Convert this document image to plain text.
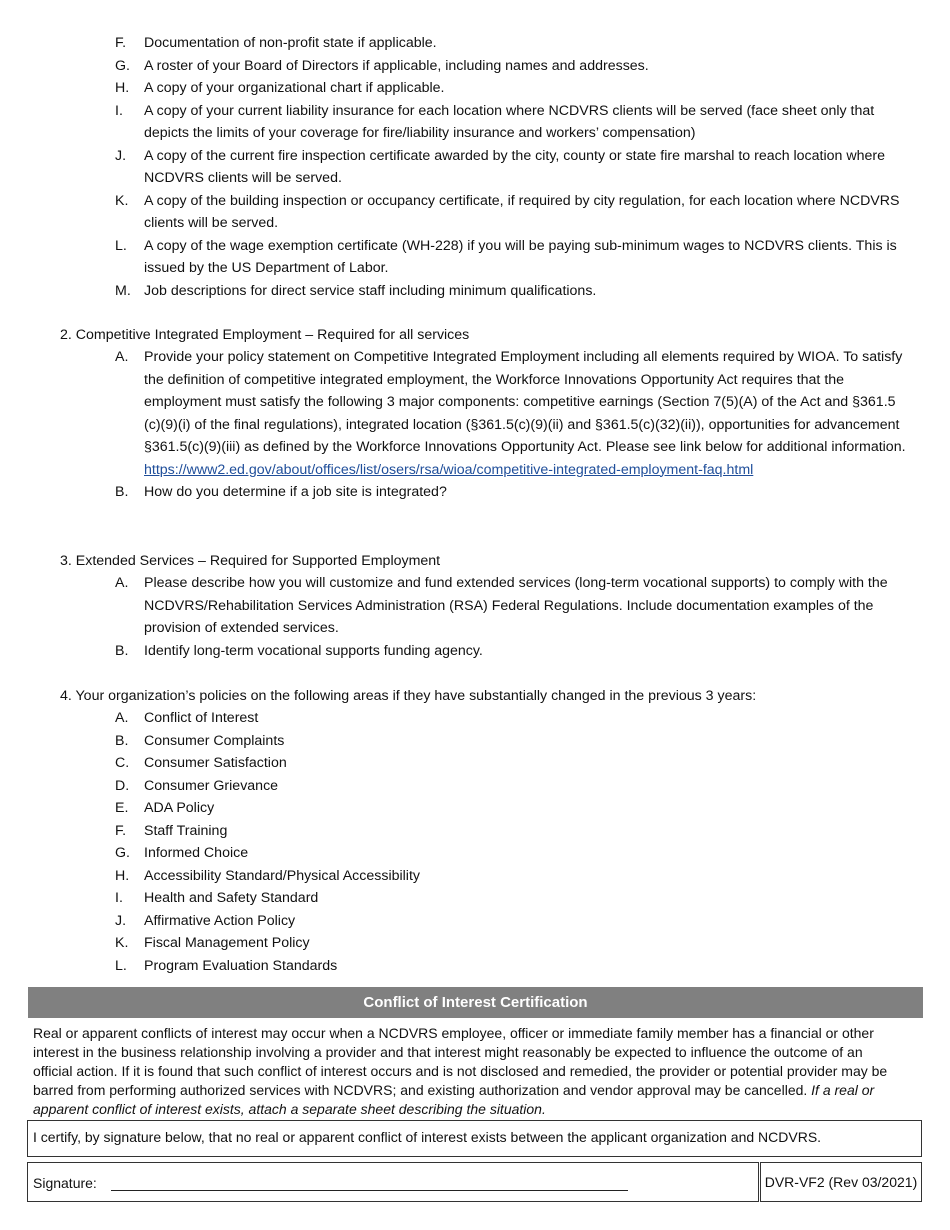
F.	Documentation of non-profit state if applicable.
G. A roster of your Board of Directors if applicable, including names and addresses.
H.	A copy of your organizational chart if applicable.
I.	A copy of your current liability insurance for each location where NCDVRS clients will be served (face sheet only that depicts the limits of your coverage for fire/liability insurance and workers’ compensation)
J.	A copy of the current fire inspection certificate awarded by the city, county or state fire marshal to reach location where NCDVRS clients will be served.
K.	A copy of the building inspection or occupancy certificate, if required by city regulation, for each location where NCDVRS clients will be served.
L.	A copy of the wage exemption certificate (WH-228) if you will be paying sub-minimum wages to NCDVRS clients. This is issued by the US Department of Labor.
M. Job descriptions for direct service staff including minimum qualifications.
2. Competitive Integrated Employment – Required for all services
A.	Provide your policy statement on Competitive Integrated Employment including all elements required by WIOA. To satisfy the definition of competitive integrated employment, the Workforce Innovations Opportunity Act requires that the employment must satisfy the following 3 major components: competitive earnings (Section 7(5)(A) of the Act and §361.5 (c)(9)(i) of the final regulations), integrated location (§361.5(c)(9)(ii) and §361.5(c)(32)(ii)), opportunities for advancement §361.5(c)(9)(iii) as defined by the Workforce Innovations Opportunity Act. Please see link below for additional information.
https://www2.ed.gov/about/offices/list/osers/rsa/wioa/competitive-integrated-employment-faq.html
B.	How do you determine if a job site is integrated?
3. Extended Services – Required for Supported Employment
A.	Please describe how you will customize and fund extended services (long-term vocational supports) to comply with the NCDVRS/Rehabilitation Services Administration (RSA) Federal Regulations. Include documentation examples of the provision of extended services.
B.	Identify long-term vocational supports funding agency.
4. Your organization’s policies on the following areas if they have substantially changed in the previous 3 years:
A.	Conflict of Interest
B.	Consumer Complaints
C.	Consumer Satisfaction
D.	Consumer Grievance
E.	ADA Policy
F.	Staff Training
G. Informed Choice
H.	Accessibility Standard/Physical Accessibility
I.	Health and Safety Standard
J.	Affirmative Action Policy
K.	Fiscal Management Policy
L.	Program Evaluation Standards
Conflict of Interest Certification
Real or apparent conflicts of interest may occur when a NCDVRS employee, officer or immediate family member has a financial or other interest in the business relationship involving a provider and that interest might reasonably be expected to influence the outcome of an official action. If it is found that such conflict of interest occurs and is not disclosed and remedied, the provider or potential provider may be barred from performing authorized services with NCDVRS; and existing authorization and vendor approval may be cancelled. If a real or apparent conflict of interest exists, attach a separate sheet describing the situation.
I certify, by signature below, that no real or apparent conflict of interest exists between the applicant organization and NCDVRS.
Signature:	DVR-VF2 (Rev 03/2021)
